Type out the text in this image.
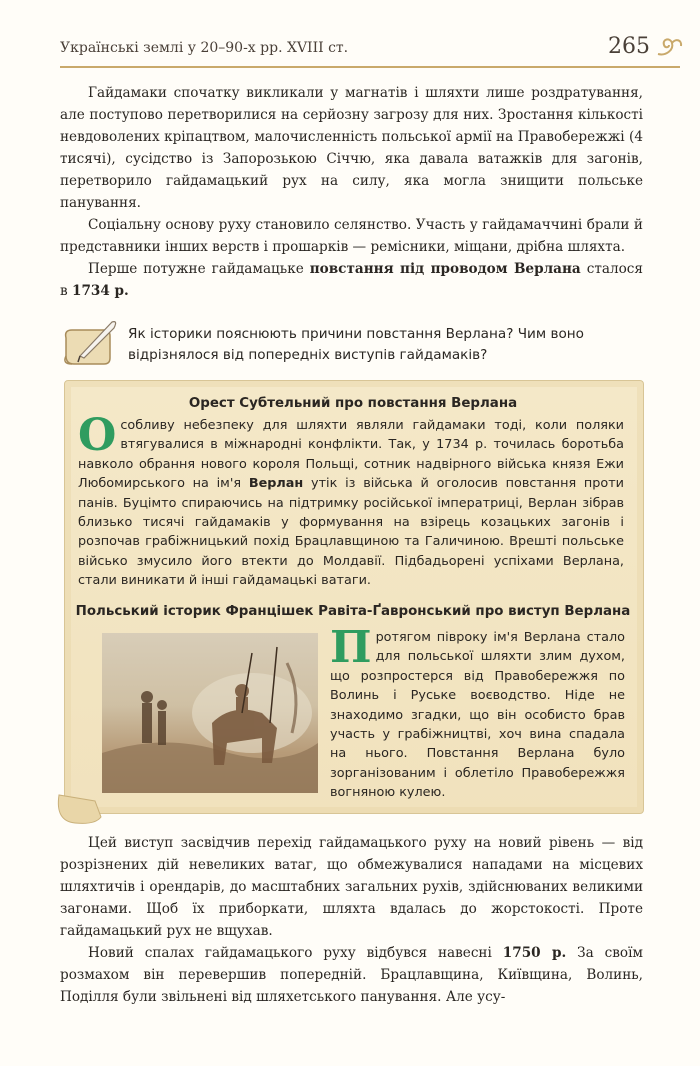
Українські землі у 20–90-х рр. XVIII ст.	265

Гайдамаки спочатку викликали у магнатів і шляхти лише роздратування, але поступово перетворилися на серйозну загрозу для них. Зростання кількості невдоволених кріпацтвом, малочисленність польської армії на Правобережжі (4 тисячі), сусідство із Запорозькою Січчю, яка давала ватажків для загонів, перетворило гайдамацький рух на силу, яка могла знищити польське панування.

Соціальну основу руху становило селянство. Участь у гайдамаччині брали й представники інших верств і прошарків — ремісники, міщани, дрібна шляхта.

Перше потужне гайдамацьке повстання під проводом Верлана сталося в 1734 р.

Як історики пояснюють причини повстання Верлана? Чим воно відрізнялося від попередніх виступів гайдамаків?
Орест Субтельний про повстання Верлана
Особливу небезпеку для шляхти являли гайдамаки тоді, коли поляки втягувалися в міжнародні конфлікти. Так, у 1734 р. точилась боротьба навколо обрання нового короля Польщі, сотник надвірного війська князя Ежи Любомирського на ім'я Верлан утік із війська й оголосив повстання проти панів. Буцімто спираючись на підтримку російської імператриці, Верлан зібрав близько тисячі гайдамаків у формування на взірець козацьких загонів і розпочав грабіжницький похід Брацлавщиною та Галичиною. Врешті польське військо змусило його втекти до Молдавії. Підбадьорені успіхами Верлана, стали виникати й інші гайдамацькі ватаги.
Польський історик Францішек Равіта-Ґавронський про виступ Верлана
Протягом півроку ім'я Верлана стало для польської шляхти злим духом, що розпростерся від Правобережжя по Волинь і Руське воєводство. Ніде не знаходимо згадки, що він особисто брав участь у грабіжництві, хоч вина спадала на нього. Повстання Верлана було зорганізованим і облетіло Правобережжя вогняною кулею.

Цей виступ засвідчив перехід гайдамацького руху на новий рівень — від розрізнених дій невеликих ватаг, що обмежувалися нападами на місцевих шляхтичів і орендарів, до масштабних загальних рухів, здійснюваних великими загонами. Щоб їх приборкати, шляхта вдалась до жорстокості. Проте гайдамацький рух не вщухав.

Новий спалах гайдамацького руху відбувся навесні 1750 р. За своїм розмахом він перевершив попередній. Брацлавщина, Київщина, Волинь, Поділля були звільнені від шляхетського панування. Але усу-
